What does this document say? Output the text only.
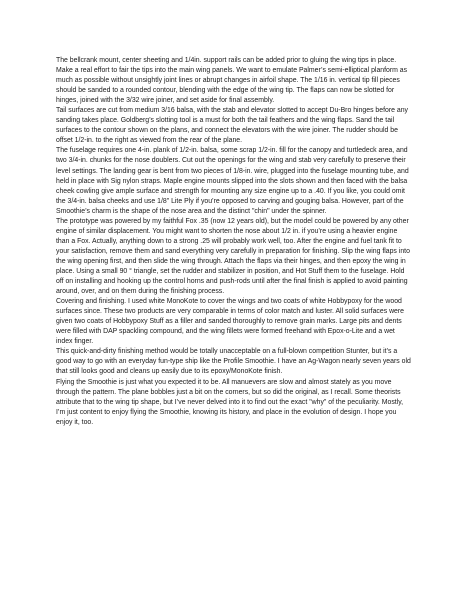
The bellcrank mount, center sheeting and 1/4in. support rails can be added prior to gluing the wing tips in place. Make a real effort to fair the tips into the main wing panels. We want to emulate Palmer’s semi-elliptical planform as much as possible without unsightly joint lines or abrupt changes in airfoil shape. The 1/16 in. vertical tip fill pieces should be sanded to a rounded contour, blending with the edge of the wing tip. The flaps can now be slotted for hinges, joined with the 3/32 wire joiner, and set aside for final assembly.

Tail surfaces are cut from medium 3/16 balsa, with the stab and elevator slotted to accept Du-Bro hinges before any sanding takes place. Goldberg’s slotting tool is a must for both the tail feathers and the wing flaps. Sand the tail surfaces to the contour shown on the plans, and connect the elevators with the wire joiner. The rudder should be offset 1/2-in. to the right as viewed from the rear of the plane.

The fuselage requires one 4-in. plank of 1/2-in. balsa, some scrap 1/2-in. fill for the canopy and turtledeck area, and two 3/4-in. chunks for the nose doublers. Cut out the openings for the wing and stab very carefully to preserve their level settings. The landing gear is bent from two pieces of 1/8-in. wire, plugged into the fuselage mounting tube, and held in place with Sig nylon straps. Maple engine mounts slipped into the slots shown and then faced with the balsa cheek cowling give ample surface and strength for mounting any size engine up to a .40. If you like, you could omit the 3/4-in. balsa cheeks and use 1/8" Lite Ply if you’re opposed to carving and gouging balsa. However, part of the Smoothie’s charm is the shape of the nose area and the distinct "chin" under the spinner.

The prototype was powered by my faithful Fox .35 (now 12 years old), but the model could be powered by any other engine of similar displacement. You might want to shorten the nose about 1/2 in. if you’re using a heavier engine than a Fox. Actually, anything down to a strong .25 will probably work well, too. After the engine and fuel tank fit to your satisfaction, remove them and sand everything very carefully in preparation for finishing. Slip the wing flaps into the wing opening first, and then slide the wing through. Attach the flaps via their hinges, and then epoxy the wing in place. Using a small 90 ° triangle, set the rudder and stabilizer in position, and Hot Stuff them to the fuselage. Hold off on installing and hooking up the control horns and push-rods until after the final finish is applied to avoid painting around, over, and on them during the finishing process.

Covering and finishing. I used white MonoKote to cover the wings and two coats of white Hobbypoxy for the wood surfaces since. These two products are very comparable in terms of color match and luster. All solid surfaces were given two coats of Hobbypoxy Stuff as a filler and sanded thoroughly to remove grain marks. Large pits and dents were filled with DAP spackling compound, and the wing fillets were formed freehand with Epox-o-Lite and a wet index finger.

This quick-and-dirty finishing method would be totally unacceptable on a full-blown competition Stunter, but it’s a good way to go with an everyday fun-type ship like the Profile Smoothie. I have an Ag-Wagon nearly seven years old that still looks good and cleans up easily due to its epoxy/MonoKote finish.

Flying the Smoothie is just what you expected it to be. All manuevers are slow and almost stately as you move through the pattern. The plane bobbles just a bit on the corners, but so did the original, as I recall. Some theorists attribute that to the wing tip shape, but I’ve never delved into it to find out the exact "why" of the peculiarity. Mostly, I’m just content to enjoy flying the Smoothie, knowing its history, and place in the evolution of design. I hope you enjoy it, too.
